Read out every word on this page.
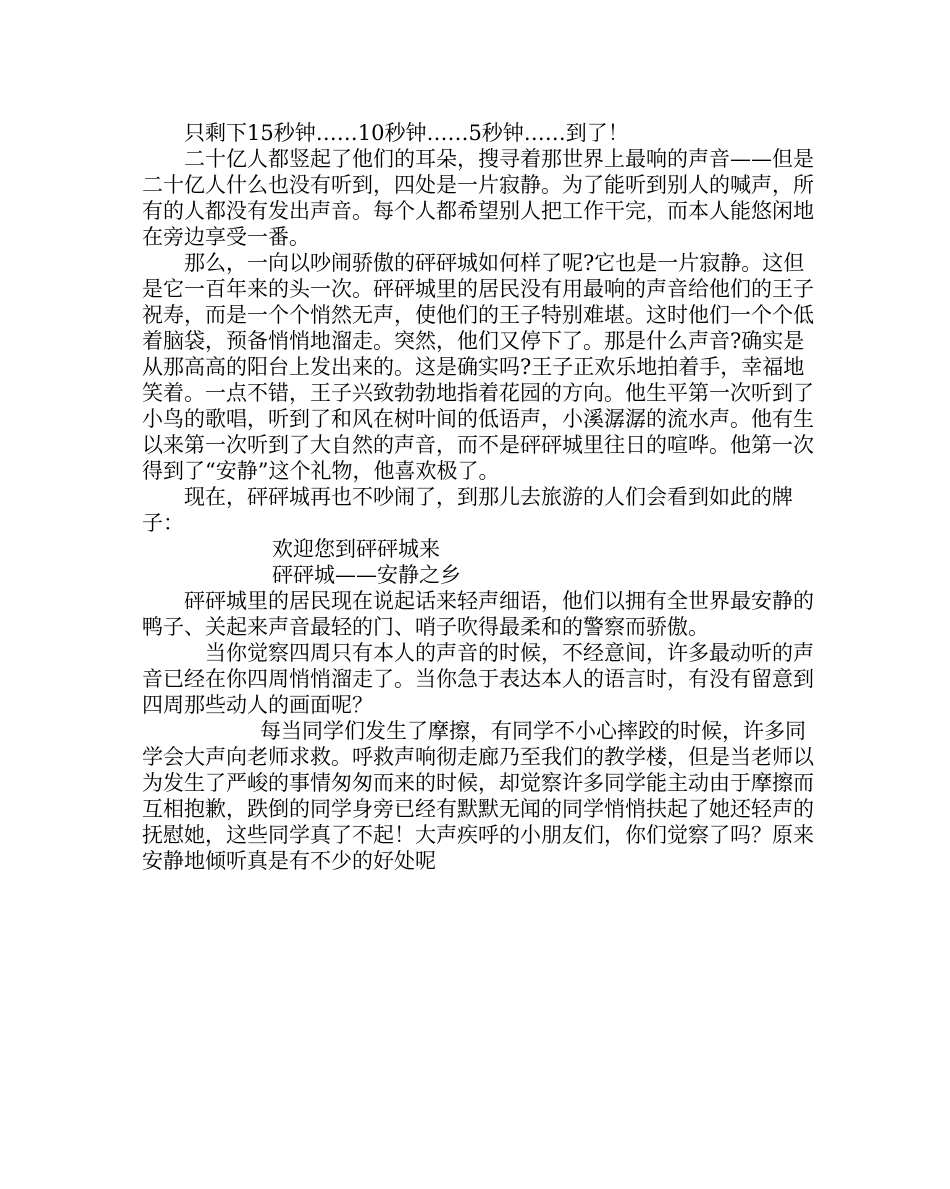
只剩下15秒钟……10秒钟……5秒钟……到了！

二十亿人都竖起了他们的耳朵，搜寻着那世界上最响的声音——但是二十亿人什么也没有听到，四处是一片寂静。为了能听到别人的喊声，所有的人都没有发出声音。每个人都希望别人把工作干完，而本人能悠闲地在旁边享受一番。

那么，一向以吵闹骄傲的砰砰城如何样了呢?它也是一片寂静。这但是它一百年来的头一次。砰砰城里的居民没有用最响的声音给他们的王子祝寿，而是一个个悄然无声，使他们的王子特别难堪。这时他们一个个低着脑袋，预备悄悄地溜走。突然，他们又停下了。那是什么声音?确实是从那高高的阳台上发出来的。这是确实吗?王子正欢乐地拍着手，幸福地笑着。一点不错，王子兴致勃勃地指着花园的方向。他生平第一次听到了小鸟的歌唱，听到了和风在树叶间的低语声，小溪潺潺的流水声。他有生以来第一次听到了大自然的声音，而不是砰砰城里往日的喧哗。他第一次得到了“安静”这个礼物，他喜欢极了。

现在，砰砰城再也不吵闹了，到那儿去旅游的人们会看到如此的牌子：

欢迎您到砰砰城来

砰砰城——安静之乡

砰砰城里的居民现在说起话来轻声细语，他们以拥有全世界最安静的鸭子、关起来声音最轻的门、哨子吹得最柔和的警察而骄傲。

当你觉察四周只有本人的声音的时候，不经意间，许多最动听的声音已经在你四周悄悄溜走了。当你急于表达本人的语言时，有没有留意到四周那些动人的画面呢？

每当同学们发生了摩擦，有同学不小心摔跤的时候，许多同学会大声向老师求救。呼救声响彻走廊乃至我们的教学楼，但是当老师以为发生了严峻的事情匆匆而来的时候，却觉察许多同学能主动由于摩擦而互相抱歉，跌倒的同学身旁已经有默默无闻的同学悄悄扶起了她还轻声的抚慰她，这些同学真了不起！大声疾呼的小朋友们，你们觉察了吗？原来安静地倾听真是有不少的好处呢
